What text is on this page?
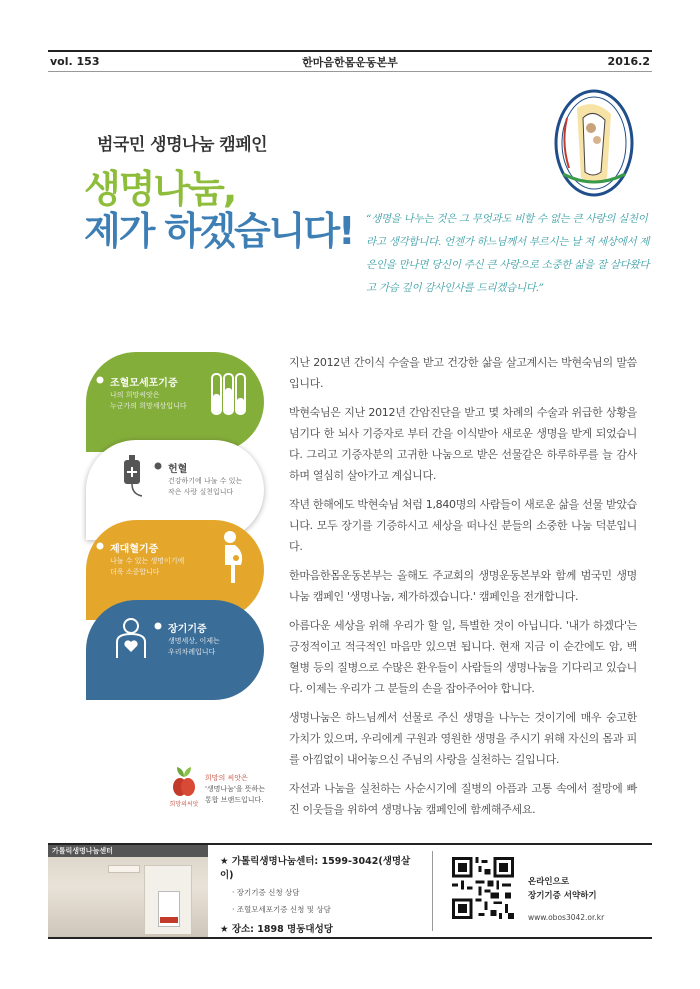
vol. 153	한마음한몸운동본부	2016.2
범국민 생명나눔 캠페인
생명나눔,
제가 하겠습니다! “생명을 나누는 것은 그 무엇과도 비할 수 없는 큰 사랑의 실천이라고 생각합니다. 언젠가 하느님께서 부르시는 날 저 세상에서 제 은인을 만나면 당신이 주신 큰 사랑으로 소중한 삶을 잘 살다왔다고 가슴 깊이 감사인사를 드리겠습니다.”
조혈모세포기증
나의 희망씨앗은
누군가의 희망세상입니다
헌혈
건강하기에 나눌 수 있는
작은 사랑 실천입니다
제대혈기증
나눌 수 있는 생명이기에
더욱 소중합니다
장기기증
생명세상, 이제는
우리차례입니다
희망의씨앗
희망의 씨앗은
'생명나눔'을 뜻하는
통합 브랜드입니다.

지난 2012년 간이식 수술을 받고 건강한 삶을 살고계시는 박현숙님의 말씀입니다.

박현숙님은 지난 2012년 간암진단을 받고 몇 차례의 수술과 위급한 상황을 넘기다 한 뇌사 기증자로 부터 간을 이식받아 새로운 생명을 받게 되었습니다. 그리고 기증자분의 고귀한 나눔으로 받은 선물같은 하루하루를 늘 감사하며 열심히 살아가고 계십니다.

작년 한해에도 박현숙님 처럼 1,840명의 사람들이 새로운 삶을 선물 받았습니다. 모두 장기를 기증하시고 세상을 떠나신 분들의 소중한 나눔 덕분입니다.

한마음한몸운동본부는 올해도 주교회의 생명운동본부와 함께 범국민 생명나눔 캠페인 '생명나눔, 제가하겠습니다.' 캠페인을 전개합니다.

아름다운 세상을 위해 우리가 할 일, 특별한 것이 아닙니다. '내가 하겠다'는 긍정적이고 적극적인 마음만 있으면 됩니다. 현재 지금 이 순간에도 암, 백혈병 등의 질병으로 수많은 환우들이 사람들의 생명나눔을 기다리고 있습니다. 이제는 우리가 그 분들의 손을 잡아주어야 합니다.

생명나눔은 하느님께서 선물로 주신 생명을 나누는 것이기에 매우 숭고한 가치가 있으며, 우리에게 구원과 영원한 생명을 주시기 위해 자신의 몸과 피를 아낌없이 내어놓으신 주님의 사랑을 실천하는 길입니다.

자선과 나눔을 실천하는 사순시기에 질병의 아픔과 고통 속에서 절망에 빠진 이웃들을 위하여 생명나눔 캠페인에 함께해주세요.

가톨릭생명나눔센터
★ 가톨릭생명나눔센터: 1599-3042(생명살이)
· 장기기증 신청 상담
· 조혈모세포기증 신청 및 상담
★ 장소: 1898 명동대성당
온라인으로
장기기증 서약하기
www.obos3042.or.kr
